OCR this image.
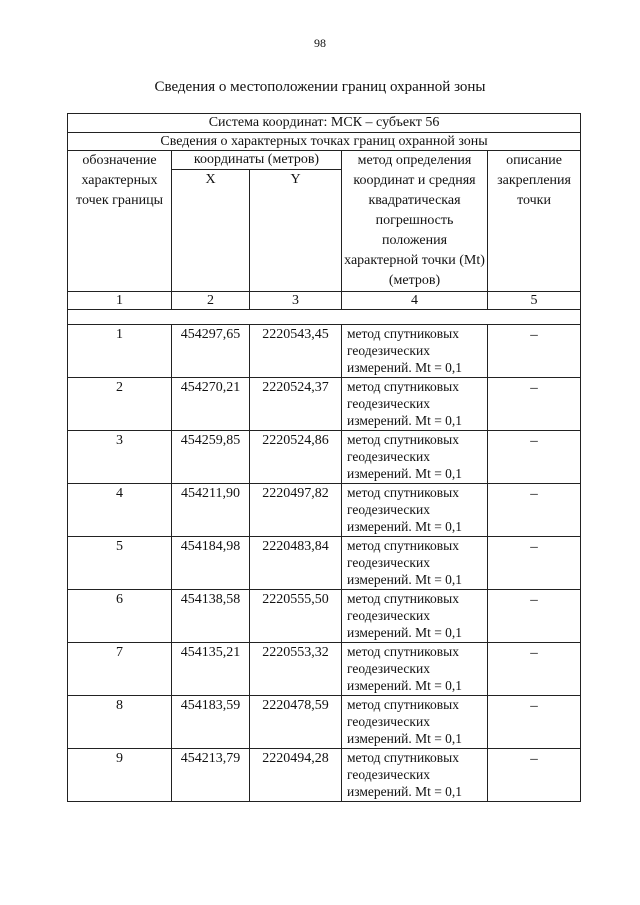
98
Сведения о местоположении границ охранной зоны
Система координат: МСК – субъект 56				
Сведения о характерных точках границ охранной зоны				
обозначение характерных точек границы	координаты (метров)		метод определения координат и средняя квадратическая погрешность положения характерной точки (Mt) (метров)	описание закрепления точки
	X	Y		
1	2	3	4	5

1	454297,65	2220543,45	метод спутниковых геодезических измерений. Mt = 0,1	–
2	454270,21	2220524,37	метод спутниковых геодезических измерений. Mt = 0,1	–
3	454259,85	2220524,86	метод спутниковых геодезических измерений. Mt = 0,1	–
4	454211,90	2220497,82	метод спутниковых геодезических измерений. Mt = 0,1	–
5	454184,98	2220483,84	метод спутниковых геодезических измерений. Mt = 0,1	–
6	454138,58	2220555,50	метод спутниковых геодезических измерений. Mt = 0,1	–
7	454135,21	2220553,32	метод спутниковых геодезических измерений. Mt = 0,1	–
8	454183,59	2220478,59	метод спутниковых геодезических измерений. Mt = 0,1	–
9	454213,79	2220494,28	метод спутниковых геодезических измерений. Mt = 0,1	–
